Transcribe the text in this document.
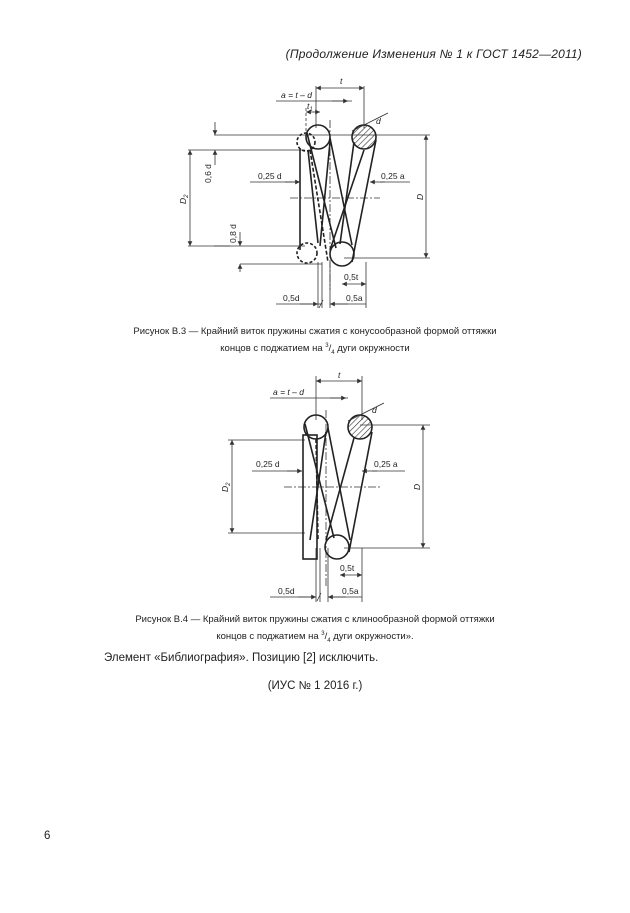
(Продолжение Изменения № 1 к ГОСТ 1452—2011)
a = t – d
t
$t_1$
d
0,6 d	0,25 d	0,25 a
$D_2$	D
0,8 d
0,5t
0,5d	0,5a
Рисунок В.3 — Крайний виток пружины сжатия с конусообразной формой оттяжки
концов с поджатием на $^3/_4$ дуги окружности
a = t – d
t
d
0,25 d	0,25 a
$D_2$	D
0,5t
0,5d	0,5a
Рисунок В.4 — Крайний виток пружины сжатия с клинообразной формой оттяжки
концов с поджатием на $^3/_4$ дуги окружности».
Элемент «Библиография». Позицию [2] исключить.
(ИУС № 1 2016 г.)
6
